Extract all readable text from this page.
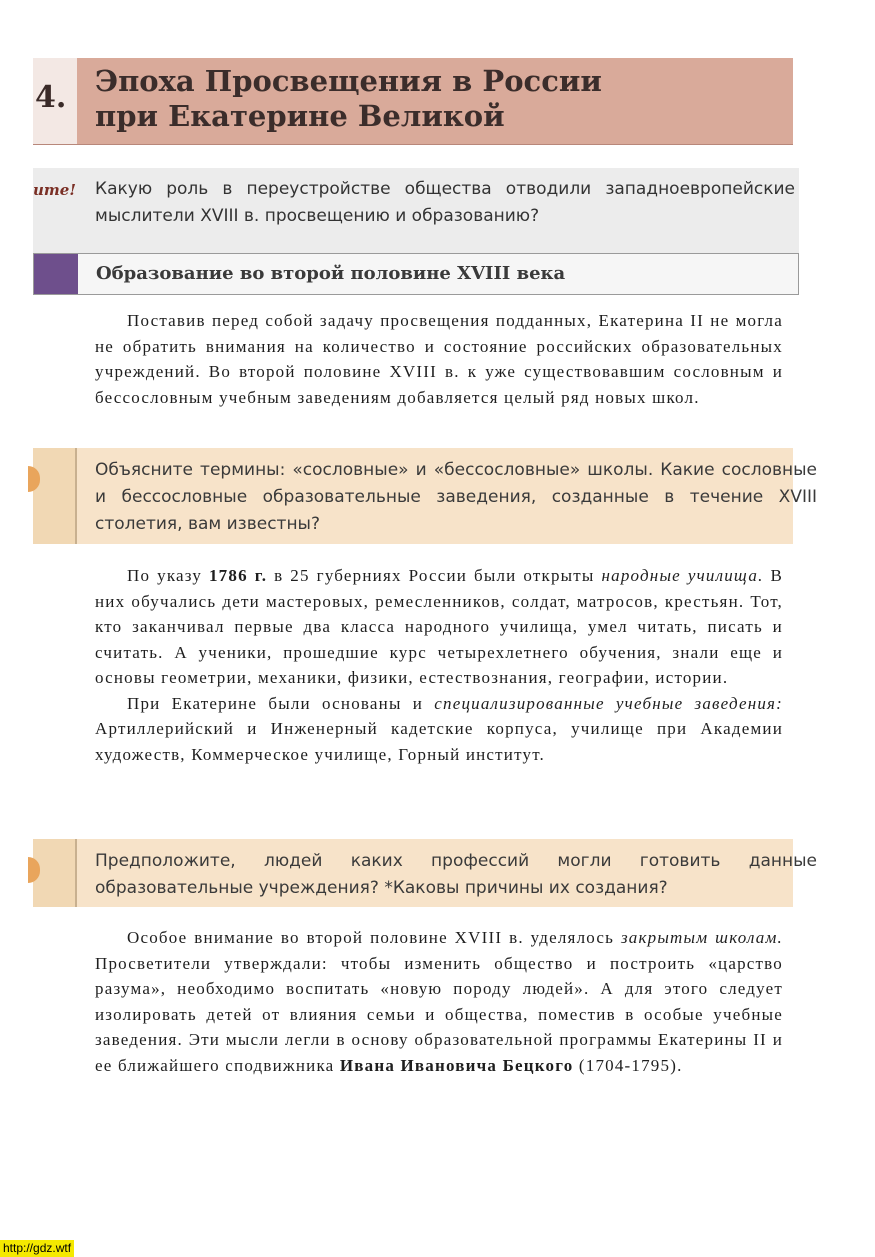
4. Эпоха Просвещения в России
при Екатерине Великой
ите! Какую роль в переустройстве общества отводили западноевропейские мыслители XVIII в. просвещению и образованию?
Образование во второй половине XVIII века

Поставив перед собой задачу просвещения подданных, Екатерина II не могла не обратить внимания на количество и состояние российских образовательных учреждений. Во второй половине XVIII в. к уже существовавшим сословным и бессословным учебным заведениям добавляется целый ряд новых школ.

Объясните термины: «сословные» и «бессословные» школы. Какие сословные и бессословные образовательные заведения, созданные в течение XVIII столетия, вам известны?

По указу 1786 г. в 25 губерниях России были открыты народные училища. В них обучались дети мастеровых, ремесленников, солдат, матросов, крестьян. Тот, кто заканчивал первые два класса народного училища, умел читать, писать и считать. А ученики, прошедшие курс четырехлетнего обучения, знали еще и основы геометрии, механики, физики, естествознания, географии, истории.

При Екатерине были основаны и специализированные учебные заведения: Артиллерийский и Инженерный кадетские корпуса, училище при Академии художеств, Коммерческое училище, Горный институт.

Предположите, людей каких профессий могли готовить данные образовательные учреждения? *Каковы причины их создания?

Особое внимание во второй половине XVIII в. уделялось закрытым школам. Просветители утверждали: чтобы изменить общество и построить «царство разума», необходимо воспитать «новую породу людей». А для этого следует изолировать детей от влияния семьи и общества, поместив в особые учебные заведения. Эти мысли легли в основу образовательной программы Екатерины II и ее ближайшего сподвижника Ивана Ивановича Бецкого (1704-1795).

http://gdz.wtf
